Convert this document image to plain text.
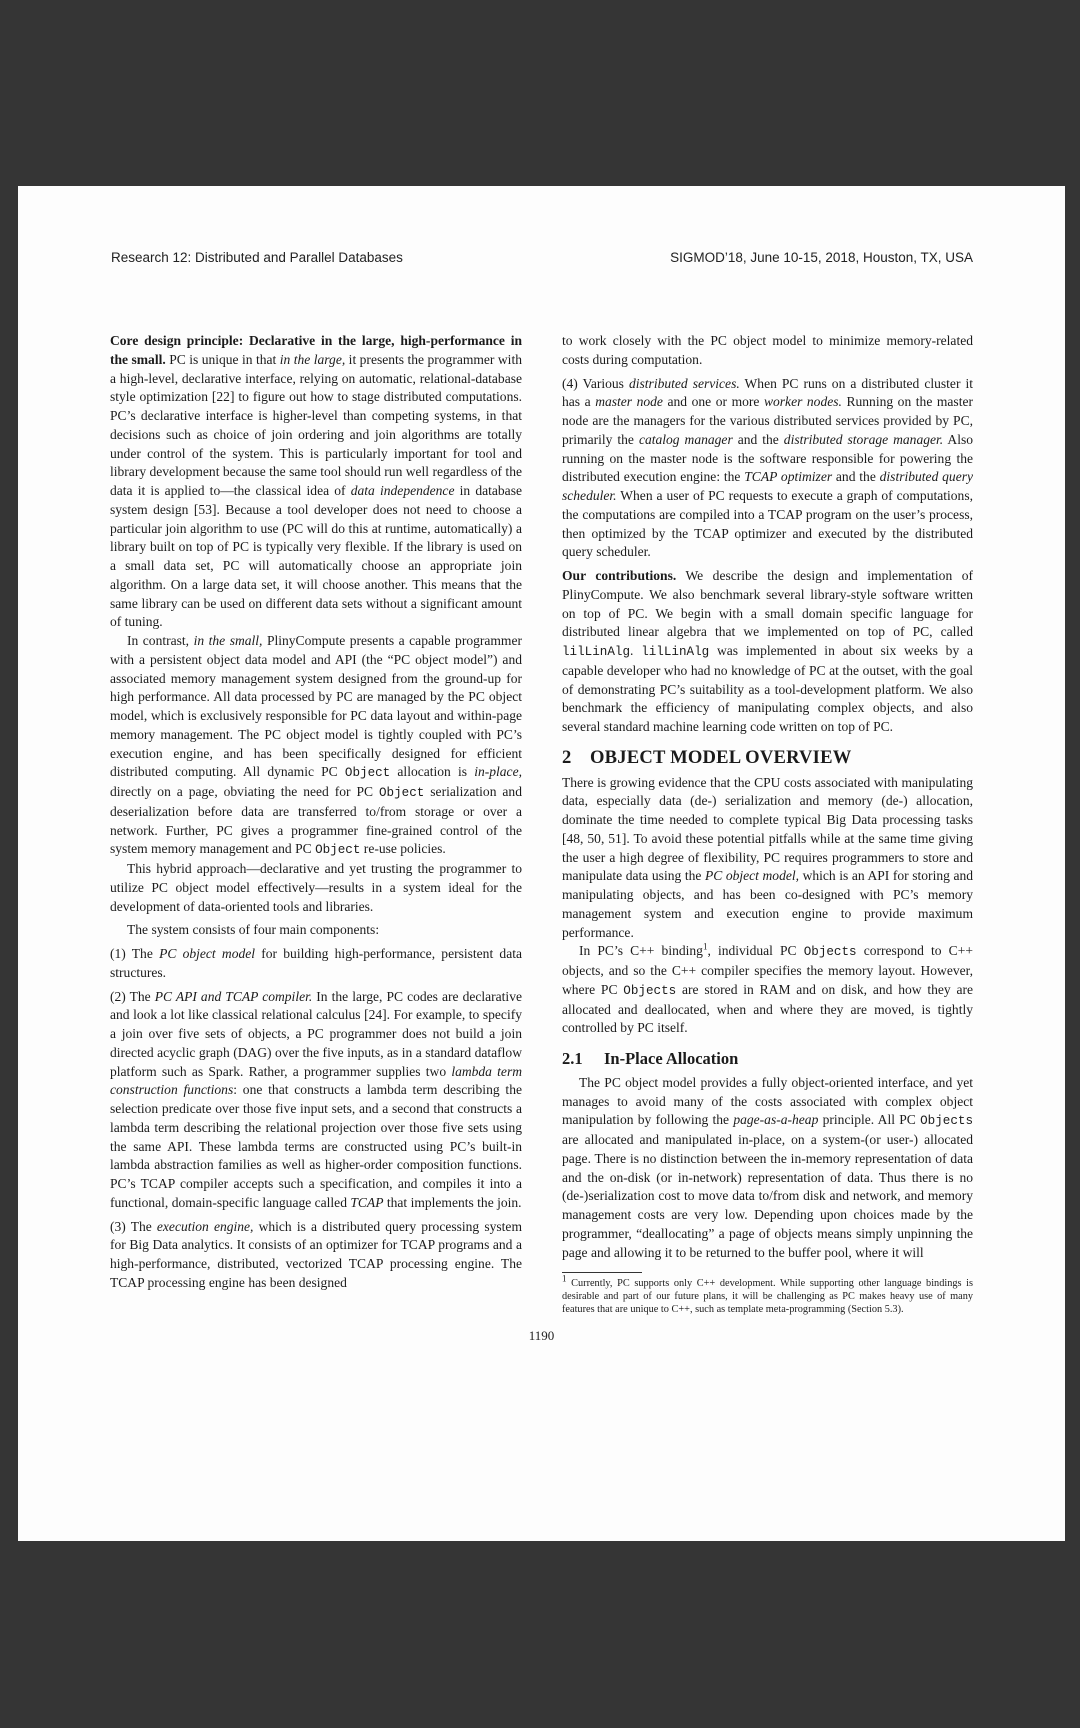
Research 12: Distributed and Parallel Databases	SIGMOD’18, June 10-15, 2018, Houston, TX, USA

Core design principle: Declarative in the large, high-performance in the small. PC is unique in that in the large, it presents the programmer with a high-level, declarative interface, relying on automatic, relational-database style optimization [22] to figure out how to stage distributed computations. PC’s declarative interface is higher-level than competing systems, in that decisions such as choice of join ordering and join algorithms are totally under control of the system. This is particularly important for tool and library development because the same tool should run well regardless of the data it is applied to—the classical idea of data independence in database system design [53]. Because a tool developer does not need to choose a particular join algorithm to use (PC will do this at runtime, automatically) a library built on top of PC is typically very flexible. If the library is used on a small data set, PC will automatically choose an appropriate join algorithm. On a large data set, it will choose another. This means that the same library can be used on different data sets without a significant amount of tuning.

In contrast, in the small, PlinyCompute presents a capable programmer with a persistent object data model and API (the “PC object model”) and associated memory management system designed from the ground-up for high performance. All data processed by PC are managed by the PC object model, which is exclusively responsible for PC data layout and within-page memory management. The PC object model is tightly coupled with PC’s execution engine, and has been specifically designed for efficient distributed computing. All dynamic PC Object allocation is in-place, directly on a page, obviating the need for PC Object serialization and deserialization before data are transferred to/from storage or over a network. Further, PC gives a programmer fine-grained control of the system memory management and PC Object re-use policies.

This hybrid approach—declarative and yet trusting the programmer to utilize PC object model effectively—results in a system ideal for the development of data-oriented tools and libraries.

The system consists of four main components:

(1) The PC object model for building high-performance, persistent data structures.

(2) The PC API and TCAP compiler. In the large, PC codes are declarative and look a lot like classical relational calculus [24]. For example, to specify a join over five sets of objects, a PC programmer does not build a join directed acyclic graph (DAG) over the five inputs, as in a standard dataflow platform such as Spark. Rather, a programmer supplies two lambda term construction functions: one that constructs a lambda term describing the selection predicate over those five input sets, and a second that constructs a lambda term describing the relational projection over those five sets using the same API. These lambda terms are constructed using PC’s built-in lambda abstraction families as well as higher-order composition functions. PC’s TCAP compiler accepts such a specification, and compiles it into a functional, domain-specific language called TCAP that implements the join.

(3) The execution engine, which is a distributed query processing system for Big Data analytics. It consists of an optimizer for TCAP programs and a high-performance, distributed, vectorized TCAP processing engine. The TCAP processing engine has been designed

to work closely with the PC object model to minimize memory-related costs during computation.

(4) Various distributed services. When PC runs on a distributed cluster it has a master node and one or more worker nodes. Running on the master node are the managers for the various distributed services provided by PC, primarily the catalog manager and the distributed storage manager. Also running on the master node is the software responsible for powering the distributed execution engine: the TCAP optimizer and the distributed query scheduler. When a user of PC requests to execute a graph of computations, the computations are compiled into a TCAP program on the user’s process, then optimized by the TCAP optimizer and executed by the distributed query scheduler.

Our contributions. We describe the design and implementation of PlinyCompute. We also benchmark several library-style software written on top of PC. We begin with a small domain specific language for distributed linear algebra that we implemented on top of PC, called lilLinAlg. lilLinAlg was implemented in about six weeks by a capable developer who had no knowledge of PC at the outset, with the goal of demonstrating PC’s suitability as a tool-development platform. We also benchmark the efficiency of manipulating complex objects, and also several standard machine learning code written on top of PC.

2 OBJECT MODEL OVERVIEW

There is growing evidence that the CPU costs associated with manipulating data, especially data (de-) serialization and memory (de-) allocation, dominate the time needed to complete typical Big Data processing tasks [48, 50, 51]. To avoid these potential pitfalls while at the same time giving the user a high degree of flexibility, PC requires programmers to store and manipulate data using the PC object model, which is an API for storing and manipulating objects, and has been co-designed with PC’s memory management system and execution engine to provide maximum performance.

In PC’s C++ binding$^1$, individual PC Objects correspond to C++ objects, and so the C++ compiler specifies the memory layout. However, where PC Objects are stored in RAM and on disk, and how they are allocated and deallocated, when and where they are moved, is tightly controlled by PC itself.

2.1 In-Place Allocation

The PC object model provides a fully object-oriented interface, and yet manages to avoid many of the costs associated with complex object manipulation by following the page-as-a-heap principle. All PC Objects are allocated and manipulated in-place, on a system-(or user-) allocated page. There is no distinction between the in-memory representation of data and the on-disk (or in-network) representation of data. Thus there is no (de-)serialization cost to move data to/from disk and network, and memory management costs are very low. Depending upon choices made by the programmer, “deallocating” a page of objects means simply unpinning the page and allowing it to be returned to the buffer pool, where it will

$^1$ Currently, PC supports only C++ development. While supporting other language bindings is desirable and part of our future plans, it will be challenging as PC makes heavy use of many features that are unique to C++, such as template meta-programming (Section 5.3).

1190
